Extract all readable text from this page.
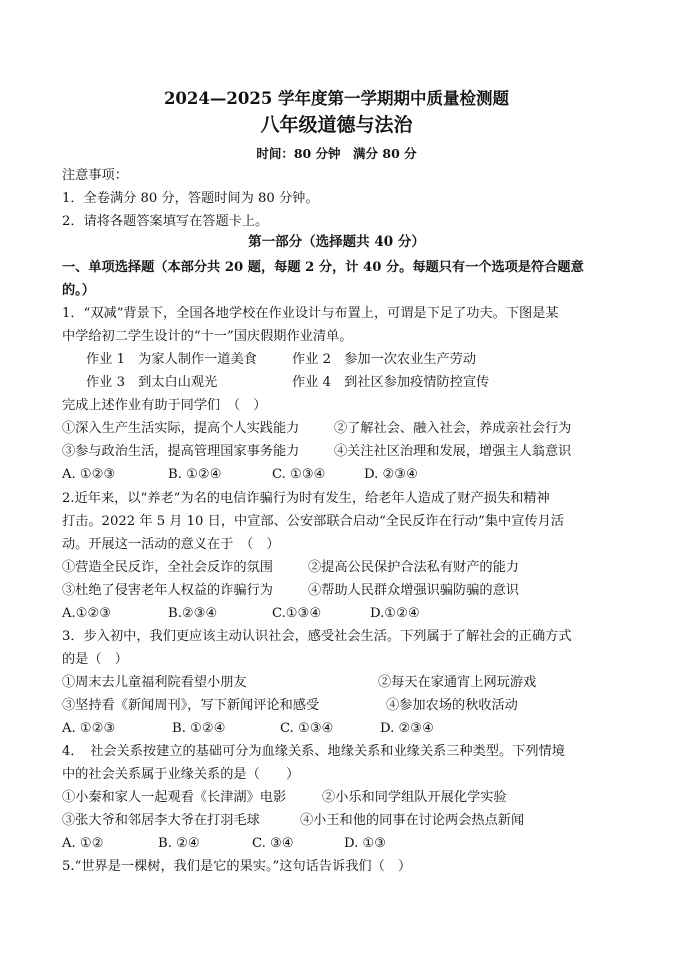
2024—2025 学年度第一学期期中质量检测题
八年级道德与法治
时间：80 分钟　满分 80 分
注意事项：
1．全卷满分 80 分，答题时间为 80 分钟。
2．请将各题答案填写在答题卡上。
第一部分（选择题共 40 分）
一、单项选择题（本部分共 20 题，每题 2 分，计 40 分。每题只有一个选项是符合题意
的。）
1．“双减”背景下，全国各地学校在作业设计与布置上，可谓是下足了功夫。下图是某
中学给初二学生设计的“十一”国庆假期作业清单。
作业 1　为家人制作一道美食	作业 2　参加一次农业生产劳动
作业 3　到太白山观光	作业 4　到社区参加疫情防控宣传
完成上述作业有助于同学们　（　）
①深入生产生活实际，提高个人实践能力	②了解社会、融入社会，养成亲社会行为
③参与政治生活，提高管理国家事务能力	④关注社区治理和发展，增强主人翁意识
A. ①②③	B. ①②④	C. ①③④	D. ②③④
2.近年来，以“养老”为名的电信诈骗行为时有发生，给老年人造成了财产损失和精神
打击。2022 年 5 月 10 日，中宣部、公安部联合启动“全民反诈在行动”集中宣传月活
动。开展这一活动的意义在于　（　）
①营造全民反诈，全社会反诈的氛围	②提高公民保护合法私有财产的能力
③杜绝了侵害老年人权益的诈骗行为	④帮助人民群众增强识骗防骗的意识
A.①②③	B.②③④	C.①③④	D.①②④
3．步入初中，我们更应该主动认识社会，感受社会生活。下列属于了解社会的正确方式
的是（　）
①周末去儿童福利院看望小朋友	②每天在家通宵上网玩游戏
③坚持看《新闻周刊》，写下新闻评论和感受	④参加农场的秋收活动
A. ①②③	B. ①②④	C. ①③④	D. ②③④
4．　社会关系按建立的基础可分为血缘关系、地缘关系和业缘关系三种类型。下列情境
中的社会关系属于业缘关系的是（　　）
①小秦和家人一起观看《长津湖》电影	②小乐和同学组队开展化学实验
③张大爷和邻居李大爷在打羽毛球	④小王和他的同事在讨论两会热点新闻
A. ①②	B. ②④	C. ③④	D. ①③
5.“世界是一棵树，我们是它的果实。”这句话告诉我们（　）
